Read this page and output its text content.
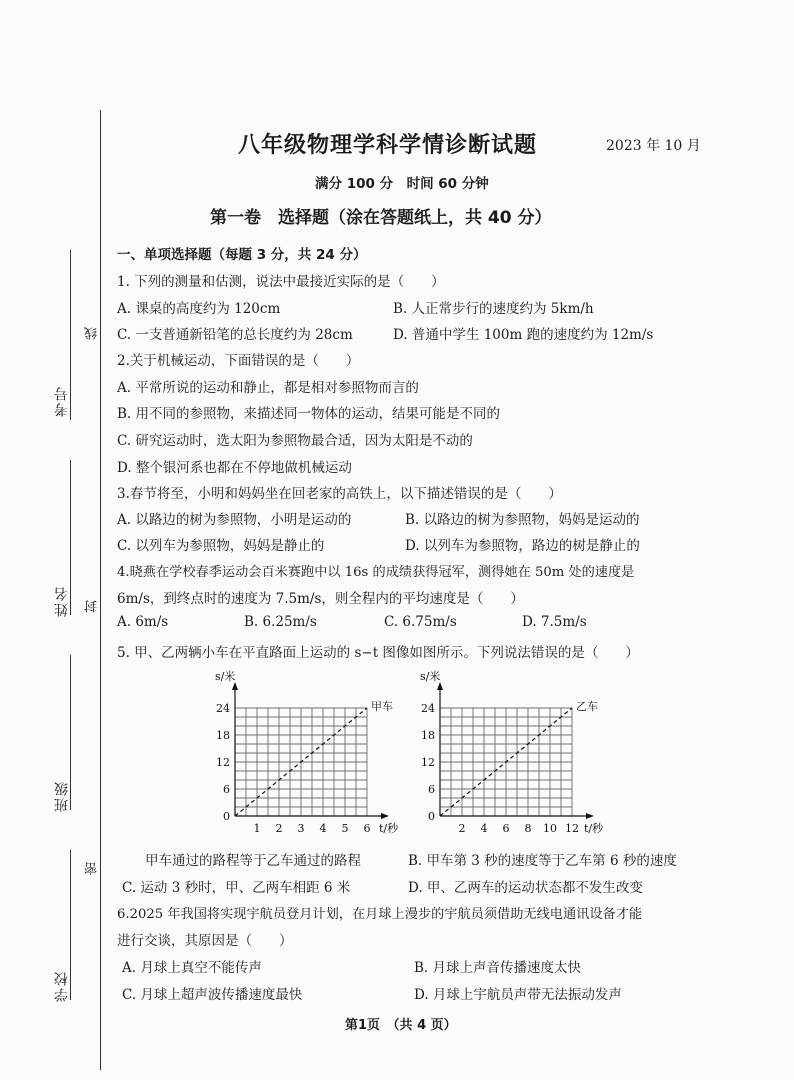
考号
姓名
班级
学校
线
封
密
八年级物理学科学情诊断试题	2023 年 10 月
满分 100 分　时间 60 分钟
第一卷　选择题（涂在答题纸上，共 40 分）
一、单项选择题（每题 3 分，共 24 分）
1. 下列的测量和估测，说法中最接近实际的是（　　）
A. 课桌的高度约为 120cm	B. 人正常步行的速度约为 5km/h
C. 一支普通新铅笔的总长度约为 28cm	D. 普通中学生 100m 跑的速度约为 12m/s
2.关于机械运动，下面错误的是（　　）
A. 平常所说的运动和静止，都是相对参照物而言的
B. 用不同的参照物，来描述同一物体的运动，结果可能是不同的
C. 研究运动时，选太阳为参照物最合适，因为太阳是不动的
D. 整个银河系也都在不停地做机械运动
3.春节将至，小明和妈妈坐在回老家的高铁上，以下描述错误的是（　　）
A. 以路边的树为参照物，小明是运动的	B. 以路边的树为参照物，妈妈是运动的
C. 以列车为参照物，妈妈是静止的	D. 以列车为参照物，路边的树是静止的
4.晓燕在学校春季运动会百米赛跑中以 16s 的成绩获得冠军，测得她在 50m 处的速度是
6m/s，到终点时的速度为 7.5m/s，则全程内的平均速度是（　　）
A. 6m/s	B. 6.25m/s	C. 6.75m/s	D. 7.5m/s
5. 甲、乙两辆小车在平直路面上运动的 s−t 图像如图所示。下列说法错误的是（　　）
s/米
t/秒
0
1 2 3 4 5 6
6
12
18
24	甲车
s/米
t/秒
0
2 4 6 8 10 12
6
12
18
24	乙车
甲车通过的路程等于乙车通过的路程	B. 甲车第 3 秒的速度等于乙车第 6 秒的速度
C. 运动 3 秒时，甲、乙两车相距 6 米	D. 甲、乙两车的运动状态都不发生改变
6.2025 年我国将实现宇航员登月计划，在月球上漫步的宇航员须借助无线电通讯设备才能
进行交谈，其原因是（　　）
A. 月球上真空不能传声	B. 月球上声音传播速度太快
C. 月球上超声波传播速度最快	D. 月球上宇航员声带无法振动发声
第1页　（共 4 页）
